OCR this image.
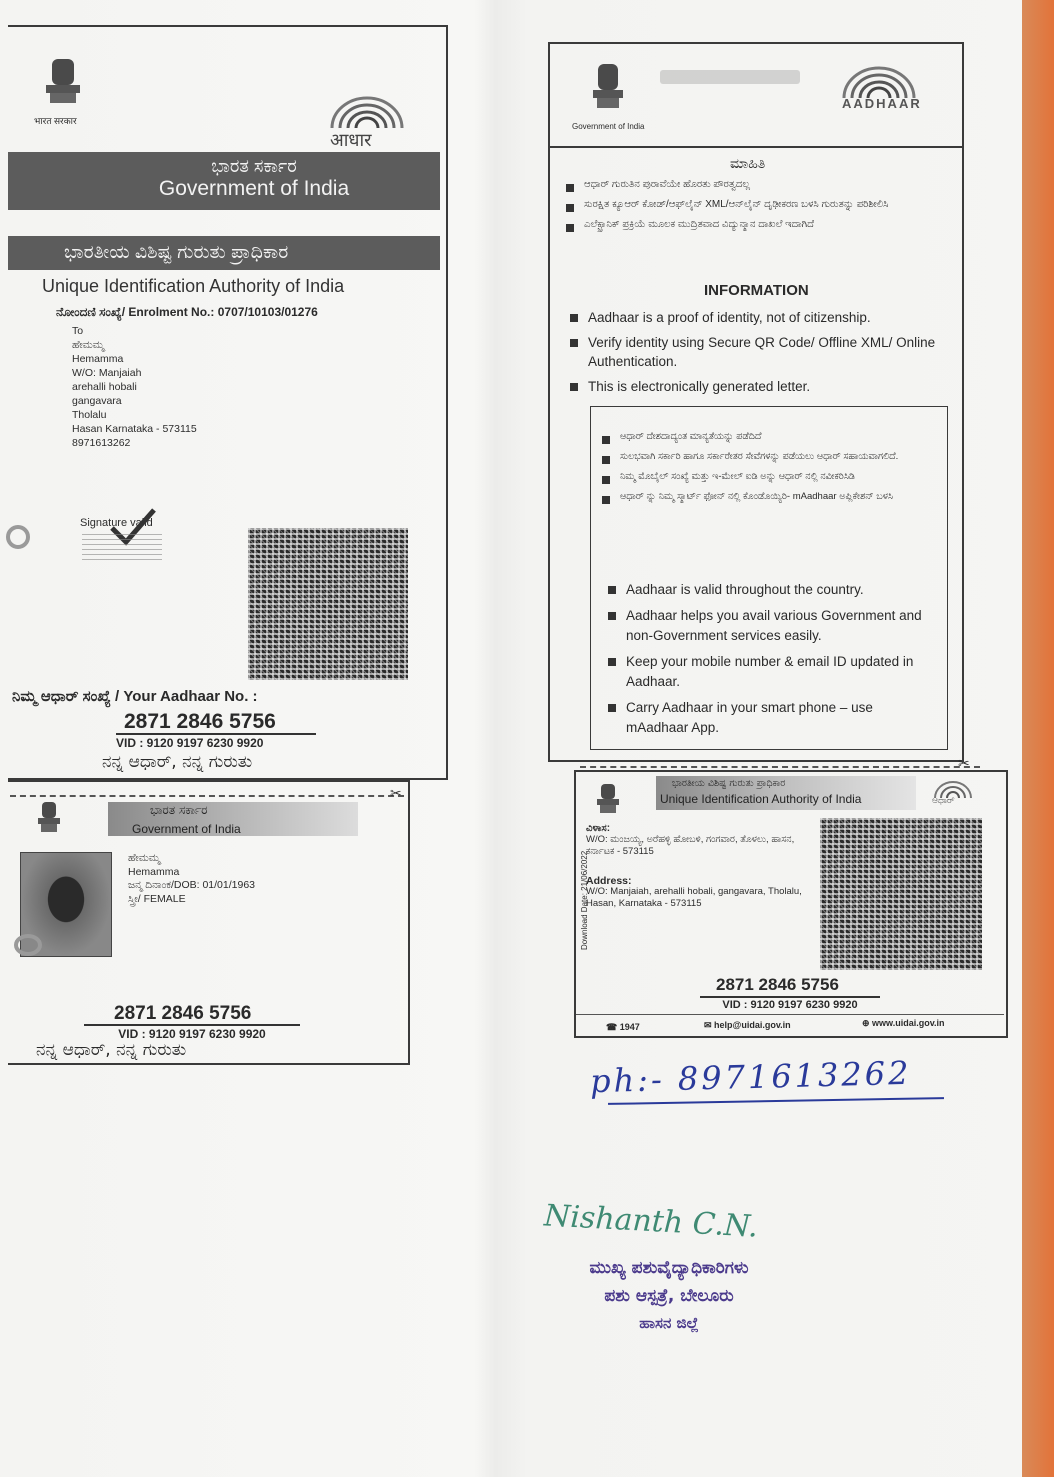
भारत सरकार
आधार
ಭಾರತ ಸರ್ಕಾರ
Government of India
ಭಾರತೀಯ ವಿಶಿಷ್ಟ ಗುರುತು ಪ್ರಾಧಿಕಾರ
Unique Identification Authority of India
ನೋಂದಣಿ ಸಂಖ್ಯೆ/ Enrolment No.: 0707/10103/01276
To
ಹೇಮಮ್ಮ
Hemamma
W/O: Manjaiah
arehalli hobali
gangavara
Tholalu
Hasan Karnataka - 573115
8971613262
Signature valid
ನಿಮ್ಮ ಆಧಾರ್ ಸಂಖ್ಯೆ / Your Aadhaar No. :
2871 2846 5756
VID : 9120 9197 6230 9920
ನನ್ನ ಆಧಾರ್, ನನ್ನ ಗುರುತು
✂
ಭಾರತ ಸರ್ಕಾರ
Government of India
ಹೇಮಮ್ಮ
Hemamma
ಜನ್ಮ ದಿನಾಂಕ/DOB: 01/01/1963
ಸ್ತ್ರೀ/ FEMALE
2871 2846 5756
VID : 9120 9197 6230 9920
ನನ್ನ ಆಧಾರ್, ನನ್ನ ಗುರುತು
Government of India
AADHAAR
ಮಾಹಿತಿ
ಆಧಾರ್ ಗುರುತಿನ ಪುರಾವೆಯೇ ಹೊರತು ಪೌರತ್ವದಲ್ಲ
ಸುರಕ್ಷಿತ ಕ್ಯೂಆರ್ ಕೋಡ್/ಆಫ್‌ಲೈನ್ XML/ಆನ್‌ಲೈನ್ ದೃಢೀಕರಣ ಬಳಸಿ ಗುರುತನ್ನು ಪರಿಶೀಲಿಸಿ
ಎಲೆಕ್ಟ್ರಾನಿಕ್ ಪ್ರಕ್ರಿಯೆ ಮೂಲಕ ಮುದ್ರಿತವಾದ ವಿದ್ಯುನ್ಮಾನ ದಾಖಲೆ ಇದಾಗಿದೆ
INFORMATION
Aadhaar is a proof of identity, not of citizenship.
Verify identity using Secure QR Code/ Offline XML/ Online Authentication.
This is electronically generated letter.
ಆಧಾರ್ ದೇಶದಾದ್ಯಂತ ಮಾನ್ಯತೆಯನ್ನು ಪಡೆದಿದೆ
ಸುಲಭವಾಗಿ ಸರ್ಕಾರಿ ಹಾಗೂ ಸರ್ಕಾರೇತರ ಸೇವೆಗಳನ್ನು ಪಡೆಯಲು ಆಧಾರ್ ಸಹಾಯವಾಗಲಿದೆ.
ನಿಮ್ಮ ಮೊಬೈಲ್ ಸಂಖ್ಯೆ ಮತ್ತು ಇ-ಮೇಲ್ ಐಡಿ ಅನ್ನು ಆಧಾರ್ ನಲ್ಲಿ ನವೀಕರಿಸಿಡಿ
ಆಧಾರ್ ನ್ನು ನಿಮ್ಮ ಸ್ಮಾರ್ಟ್ ಫೋನ್ ನಲ್ಲಿ ಕೊಂಡೊಯ್ಯಿರಿ- mAadhaar ಅಪ್ಲಿಕೇಶನ್ ಬಳಸಿ
Aadhaar is valid throughout the country.
Aadhaar helps you avail various Government and non-Government services easily.
Keep your mobile number & email ID updated in Aadhaar.
Carry Aadhaar in your smart phone – use mAadhaar App.
✂
ಭಾರತೀಯ ವಿಶಿಷ್ಟ ಗುರುತು ಪ್ರಾಧಿಕಾರ
Unique Identification Authority of India	ಆಧಾರ್
Download Date: 21/06/2022
ವಿಳಾಸ:
W/O: ಮಂಜಯ್ಯ, ಅರೆಹಳ್ಳಿ ಹೋಬಳಿ, ಗಂಗವಾರ, ತೊಳಲು, ಹಾಸನ, ಕರ್ನಾಟಕ - 573115
Address:
W/O: Manjaiah, arehalli hobali, gangavara, Tholalu, Hasan, Karnataka - 573115
2871 2846 5756
VID : 9120 9197 6230 9920
☎ 1947	✉ help@uidai.gov.in	⊕ www.uidai.gov.in
ph:- 8971613262
Nishanth C.N.
ಮುಖ್ಯ ಪಶುವೈದ್ಯಾಧಿಕಾರಿಗಳು
ಪಶು ಆಸ್ಪತ್ರೆ, ಬೇಲೂರು
ಹಾಸನ ಜಿಲ್ಲೆ
